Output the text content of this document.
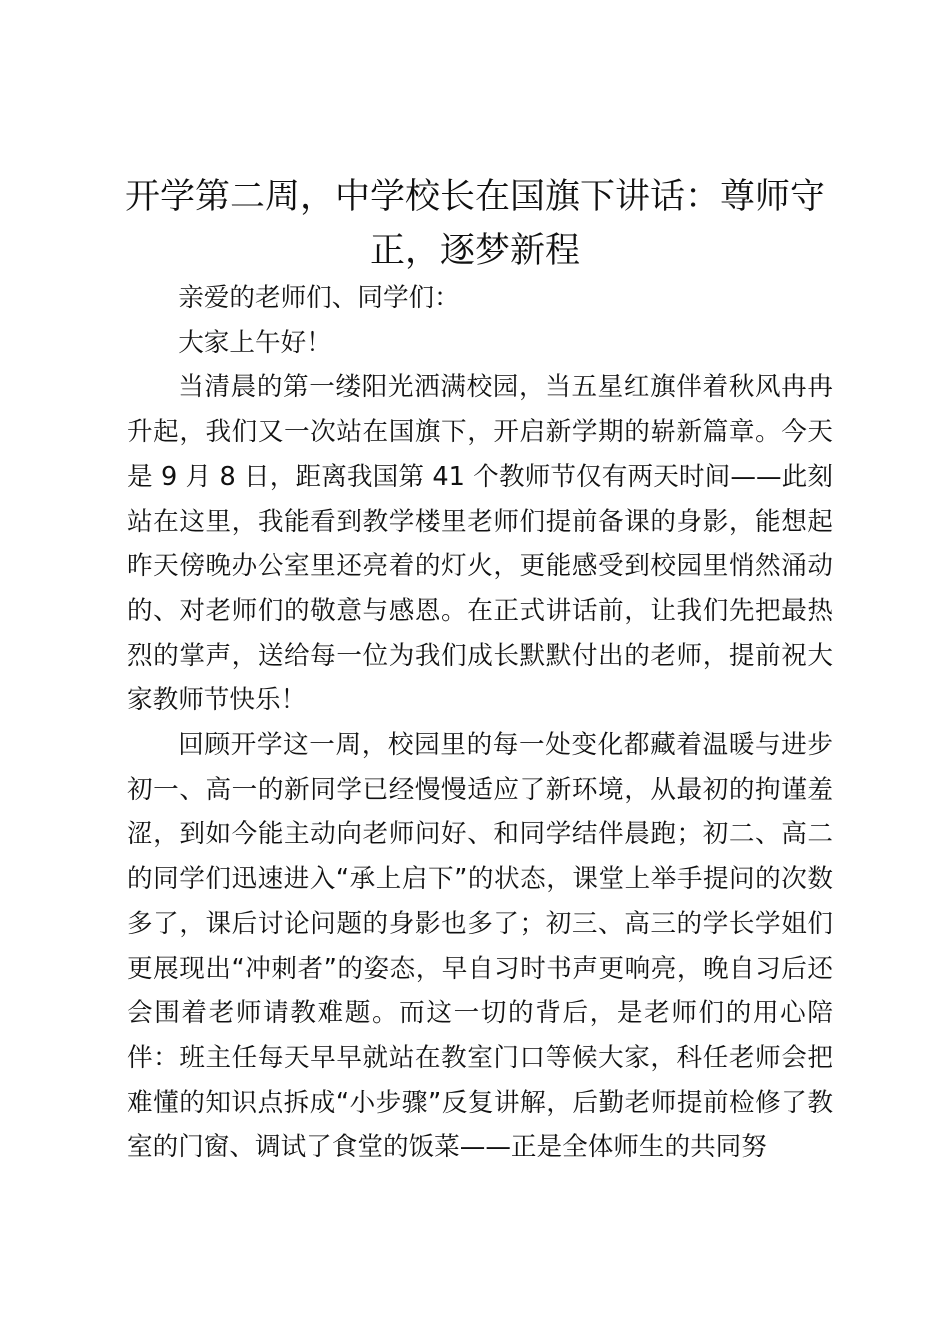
开学第二周，中学校长在国旗下讲话：尊师守正，逐梦新程

亲爱的老师们、同学们：

大家上午好！

当清晨的第一缕阳光洒满校园，当五星红旗伴着秋风冉冉升起，我们又一次站在国旗下，开启新学期的崭新篇章。今天是 9 月 8 日，距离我国第 41 个教师节仅有两天时间——此刻站在这里，我能看到教学楼里老师们提前备课的身影，能想起昨天傍晚办公室里还亮着的灯火，更能感受到校园里悄然涌动的、对老师们的敬意与感恩。在正式讲话前，让我们先把最热烈的掌声，送给每一位为我们成长默默付出的老师，提前祝大家教师节快乐！

回顾开学这一周，校园里的每一处变化都藏着温暖与进步初一、高一的新同学已经慢慢适应了新环境，从最初的拘谨羞涩，到如今能主动向老师问好、和同学结伴晨跑；初二、高二的同学们迅速进入“承上启下”的状态，课堂上举手提问的次数多了，课后讨论问题的身影也多了；初三、高三的学长学姐们更展现出“冲刺者”的姿态，早自习时书声更响亮，晚自习后还会围着老师请教难题。而这一切的背后，是老师们的用心陪伴：班主任每天早早就站在教室门口等候大家，科任老师会把难懂的知识点拆成“小步骤”反复讲解，后勤老师提前检修了教室的门窗、调试了食堂的饭菜——正是全体师生的共同努
